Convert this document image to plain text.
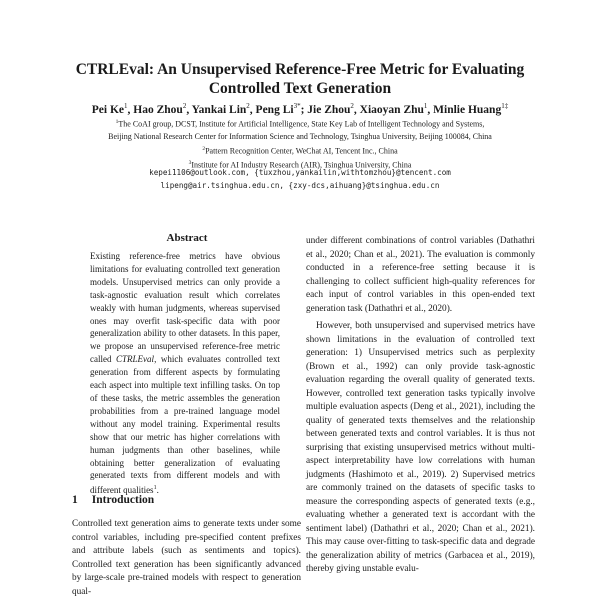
CTRLEval: An Unsupervised Reference-Free Metric for Evaluating
Controlled Text Generation
Pei Ke$^1$, Hao Zhou$^2$, Yankai Lin$^2$, Peng $Li^{3*}$; Jie Zhou$^2$, Xiaoyan Zhu$^1$, Minlie Huang$^{1\ddagger}$
$^1$The CoAI group, DCST, Institute for Artificial Intelligence, State Key Lab of Intelligent Technology and Systems,
Beijing National Research Center for Information Science and Technology, Tsinghua University, Beijing 100084, China
$^2$Pattern Recognition Center, WeChat AI, Tencent Inc., China
$^3$Institute for AI Industry Research (AIR), Tsinghua University, China
kepei1106@outlook.com, {tuxzhou,yankailin,withtomzhou}@tencent.com
lipeng@air.tsinghua.edu.cn, {zxy-dcs,aihuang}@tsinghua.edu.cn
Abstract

Existing reference-free metrics have obvious limitations for evaluating controlled text generation models. Unsupervised metrics can only provide a task-agnostic evaluation result which correlates weakly with human judgments, whereas supervised ones may overfit task-specific data with poor generalization ability to other datasets. In this paper, we propose an unsupervised reference-free metric called CTRLEval, which evaluates controlled text generation from different aspects by formulating each aspect into multiple text infilling tasks. On top of these tasks, the metric assembles the generation probabilities from a pre-trained language model without any model training. Experimental results show that our metric has higher correlations with human judgments than other baselines, while obtaining better generalization of evaluating generated texts from different models and with different qualities$^1$.

1 Introduction

Controlled text generation aims to generate texts under some control variables, including pre-specified content prefixes and attribute labels (such as sentiments and topics). Controlled text generation has been significantly advanced by large-scale pre-trained models with respect to generation qual-

under different combinations of control variables (Dathathri et al., 2020; Chan et al., 2021). The evaluation is commonly conducted in a reference-free setting because it is challenging to collect sufficient high-quality references for each input of control variables in this open-ended text generation task (Dathathri et al., 2020).

However, both unsupervised and supervised metrics have shown limitations in the evaluation of controlled text generation: 1) Unsupervised metrics such as perplexity (Brown et al., 1992) can only provide task-agnostic evaluation regarding the overall quality of generated texts. However, controlled text generation tasks typically involve multiple evaluation aspects (Deng et al., 2021), including the quality of generated texts themselves and the relationship between generated texts and control variables. It is thus not surprising that existing unsupervised metrics without multi-aspect interpretability have low correlations with human judgments (Hashimoto et al., 2019). 2) Supervised metrics are commonly trained on the datasets of specific tasks to measure the corresponding aspects of generated texts (e.g., evaluating whether a generated text is accordant with the sentiment label) (Dathathri et al., 2020; Chan et al., 2021). This may cause over-fitting to task-specific data and degrade the generalization ability of metrics (Garbacea et al., 2019), thereby giving unstable evalu-
